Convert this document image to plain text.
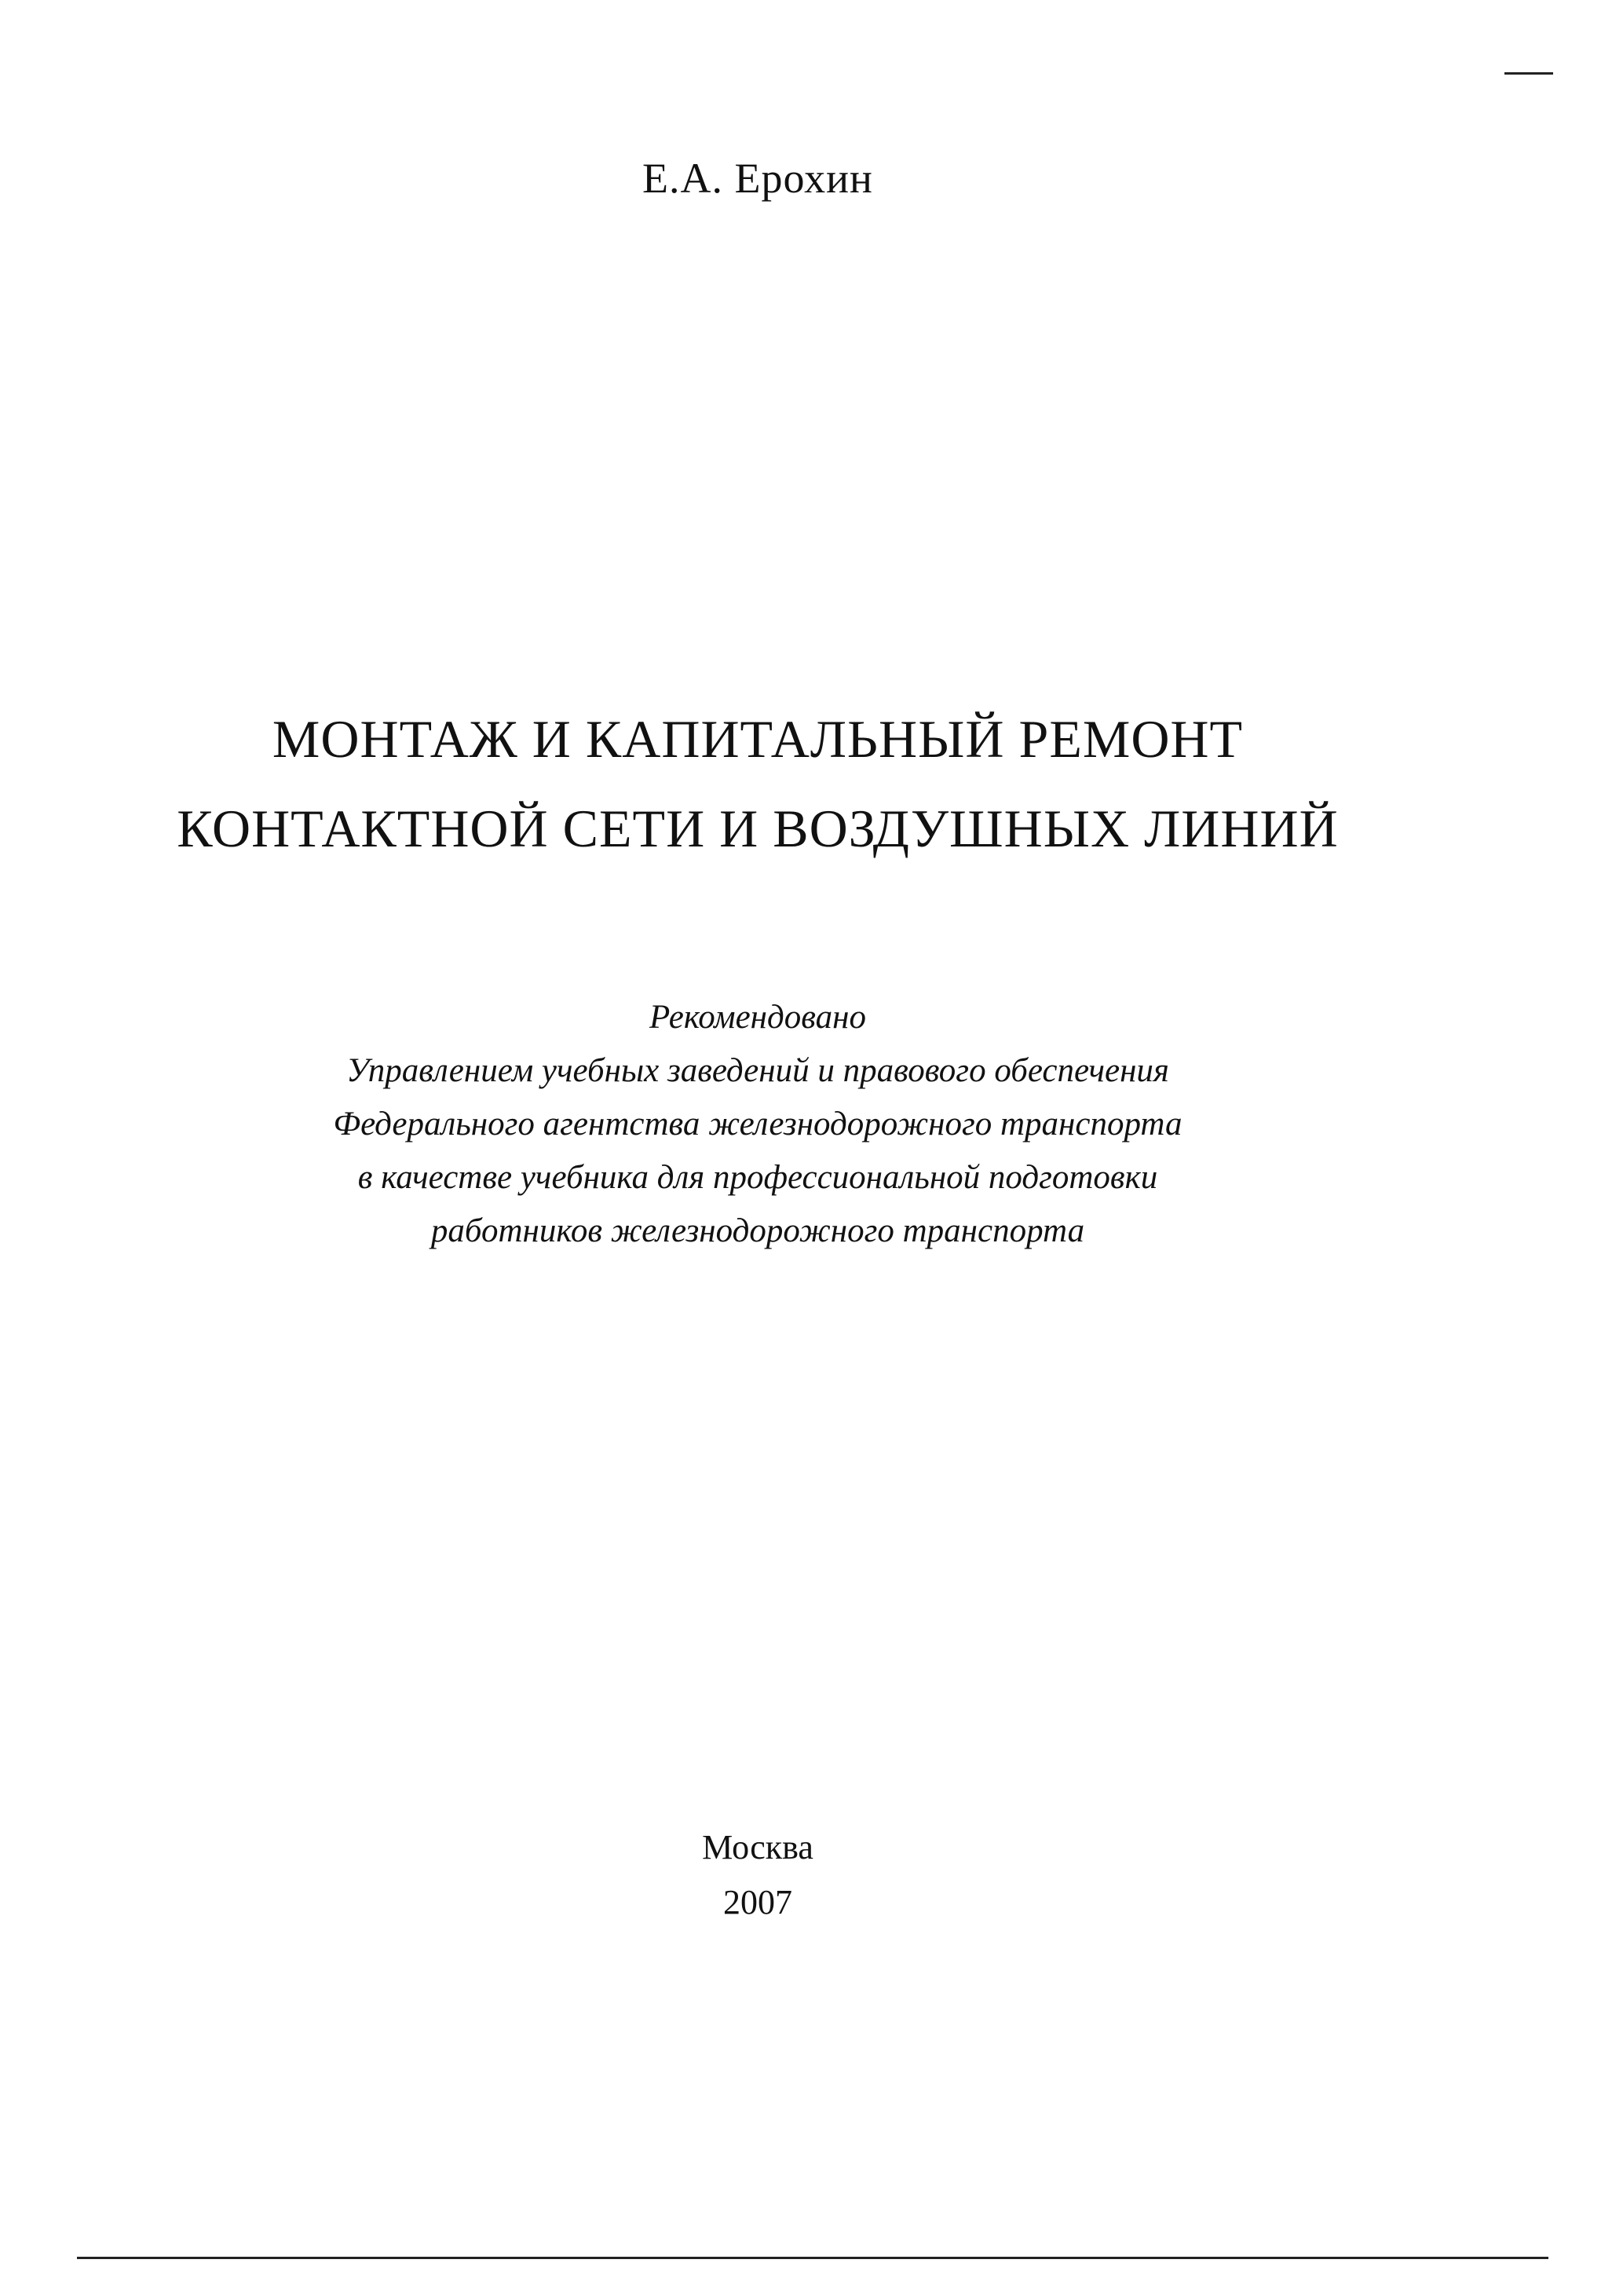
Е.А. Ерохин
МОНТАЖ И КАПИТАЛЬНЫЙ РЕМОНТ
КОНТАКТНОЙ СЕТИ И ВОЗДУШНЫХ ЛИНИЙ
Рекомендовано
Управлением учебных заведений и правового обеспечения
Федерального агентства железнодорожного транспорта
в качестве учебника для профессиональной подготовки
работников железнодорожного транспорта
Москва
2007
